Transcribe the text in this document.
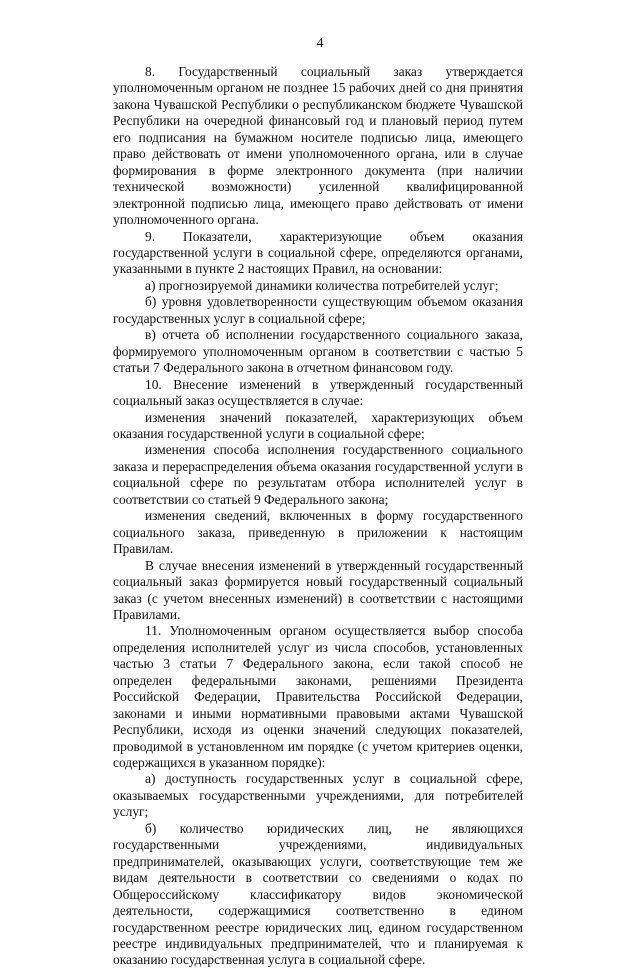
4

8. Государственный социальный заказ утверждается уполномоченным органом не позднее 15 рабочих дней со дня принятия закона Чувашской Республики о республиканском бюджете Чувашской Республики на очередной финансовый год и плановый период путем его подписания на бумажном носителе подписью лица, имеющего право действовать от имени уполномоченного органа, или в случае формирования в форме электронного документа (при наличии технической возможности) усиленной квалифицированной электронной подписью лица, имеющего право действовать от имени уполномоченного органа.

9. Показатели, характеризующие объем оказания государственной услуги в социальной сфере, определяются органами, указанными в пункте 2 настоящих Правил, на основании:

а) прогнозируемой динамики количества потребителей услуг;

б) уровня удовлетворенности существующим объемом оказания государственных услуг в социальной сфере;

в) отчета об исполнении государственного социального заказа, формируемого уполномоченным органом в соответствии с частью 5 статьи 7 Федерального закона в отчетном финансовом году.

10. Внесение изменений в утвержденный государственный социальный заказ осуществляется в случае:

изменения значений показателей, характеризующих объем оказания государственной услуги в социальной сфере;

изменения способа исполнения государственного социального заказа и перераспределения объема оказания государственной услуги в социальной сфере по результатам отбора исполнителей услуг в соответствии со статьей 9 Федерального закона;

изменения сведений, включенных в форму государственного социального заказа, приведенную в приложении к настоящим Правилам.

В случае внесения изменений в утвержденный государственный социальный заказ формируется новый государственный социальный заказ (с учетом внесенных изменений) в соответствии с настоящими Правилами.

11. Уполномоченным органом осуществляется выбор способа определения исполнителей услуг из числа способов, установленных частью 3 статьи 7 Федерального закона, если такой способ не определен федеральными законами, решениями Президента Российской Федерации, Правительства Российской Федерации, законами и иными нормативными правовыми актами Чувашской Республики, исходя из оценки значений следующих показателей, проводимой в установленном им порядке (с учетом критериев оценки, содержащихся в указанном порядке):

а) доступность государственных услуг в социальной сфере, оказываемых государственными учреждениями, для потребителей услуг;

б) количество юридических лиц, не являющихся государственными учреждениями, индивидуальных предпринимателей, оказывающих услуги, соответствующие тем же видам деятельности в соответствии со сведениями о кодах по Общероссийскому классификатору видов экономической деятельности, содержащимися соответственно в едином государственном реестре юридических лиц, едином государственном реестре индивидуальных предпринимателей, что и планируемая к оказанию государственная услуга в социальной сфере.
